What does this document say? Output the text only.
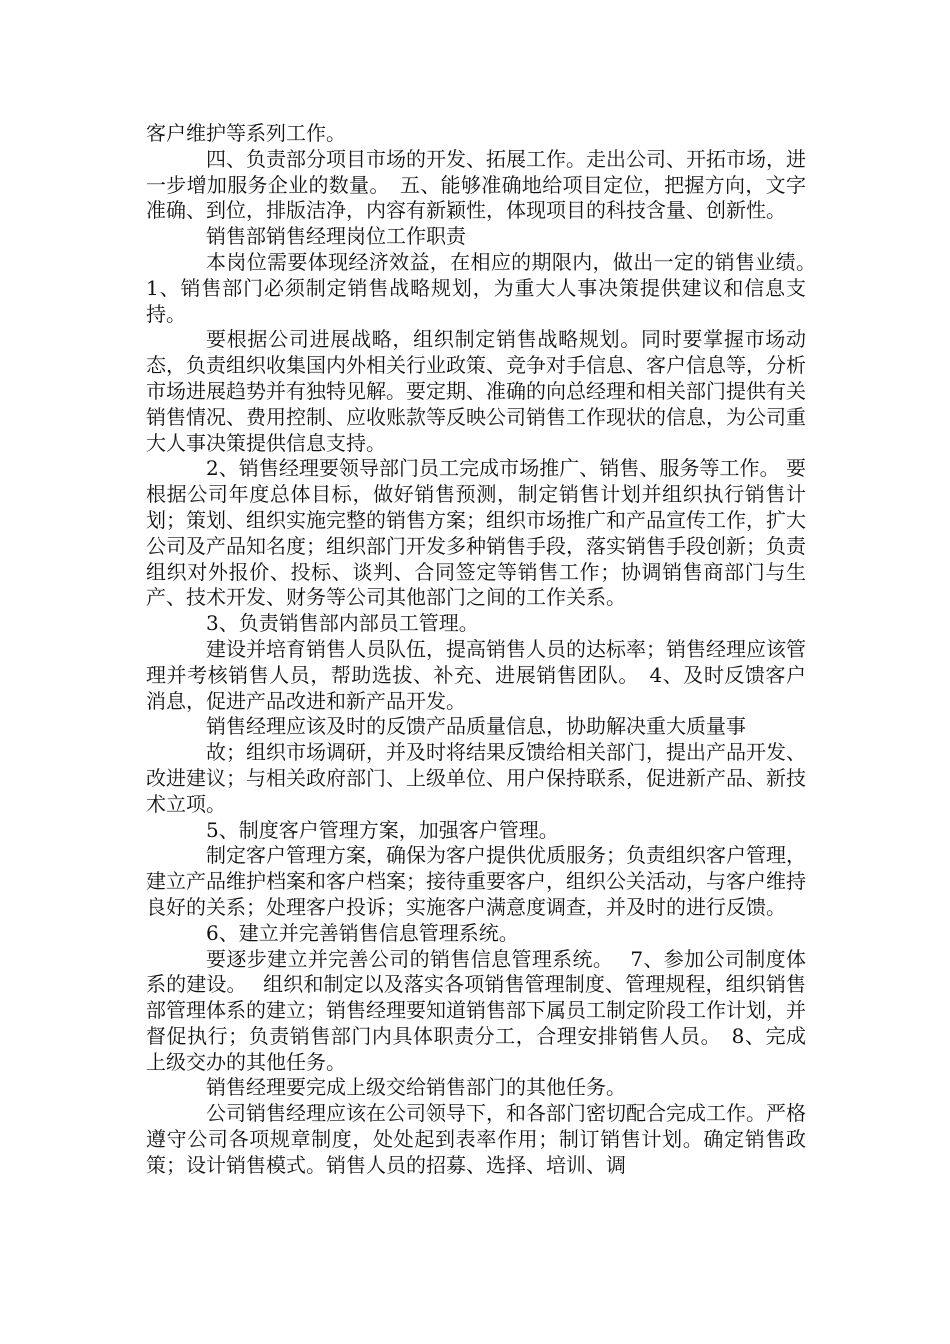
客户维护等系列工作。

四、负责部分项目市场的开发、拓展工作。走出公司、开拓市场，进一步增加服务企业的数量。　五、能够准确地给项目定位，把握方向，文字准确、到位，排版洁净，内容有新颖性，体现项目的科技含量、创新性。

销售部销售经理岗位工作职责

本岗位需要体现经济效益，在相应的期限内，做出一定的销售业绩。　1、销售部门必须制定销售战略规划，为重大人事决策提供建议和信息支持。

要根据公司进展战略，组织制定销售战略规划。同时要掌握市场动态，负责组织收集国内外相关行业政策、竞争对手信息、客户信息等，分析市场进展趋势并有独特见解。要定期、准确的向总经理和相关部门提供有关销售情况、费用控制、应收账款等反映公司销售工作现状的信息，为公司重大人事决策提供信息支持。

2、销售经理要领导部门员工完成市场推广、销售、服务等工作。 要根据公司年度总体目标，做好销售预测，制定销售计划并组织执行销售计划；策划、组织实施完整的销售方案；组织市场推广和产品宣传工作，扩大公司及产品知名度；组织部门开发多种销售手段，落实销售手段创新；负责组织对外报价、投标、谈判、合同签定等销售工作；协调销售商部门与生产、技术开发、财务等公司其他部门之间的工作关系。

3、负责销售部内部员工管理。

建设并培育销售人员队伍，提高销售人员的达标率；销售经理应该管理并考核销售人员，帮助选拔、补充、进展销售团队。　4、及时反馈客户消息，促进产品改进和新产品开发。

销售经理应该及时的反馈产品质量信息，协助解决重大质量事

故；组织市场调研，并及时将结果反馈给相关部门，提出产品开发、改进建议；与相关政府部门、上级单位、用户保持联系，促进新产品、新技术立项。

5、制度客户管理方案，加强客户管理。

制定客户管理方案，确保为客户提供优质服务；负责组织客户管理，建立产品维护档案和客户档案；接待重要客户，组织公关活动，与客户维持良好的关系；处理客户投诉；实施客户满意度调查，并及时的进行反馈。

6、建立并完善销售信息管理系统。

要逐步建立并完善公司的销售信息管理系统。　 7、参加公司制度体系的建设。　 组织和制定以及落实各项销售管理制度、管理规程，组织销售部管理体系的建立；销售经理要知道销售部下属员工制定阶段工作计划，并督促执行；负责销售部门内具体职责分工，合理安排销售人员。　8、完成上级交办的其他任务。

销售经理要完成上级交给销售部门的其他任务。

公司销售经理应该在公司领导下，和各部门密切配合完成工作。严格遵守公司各项规章制度，处处起到表率作用；制订销售计划。确定销售政策；设计销售模式。销售人员的招募、选择、培训、调
